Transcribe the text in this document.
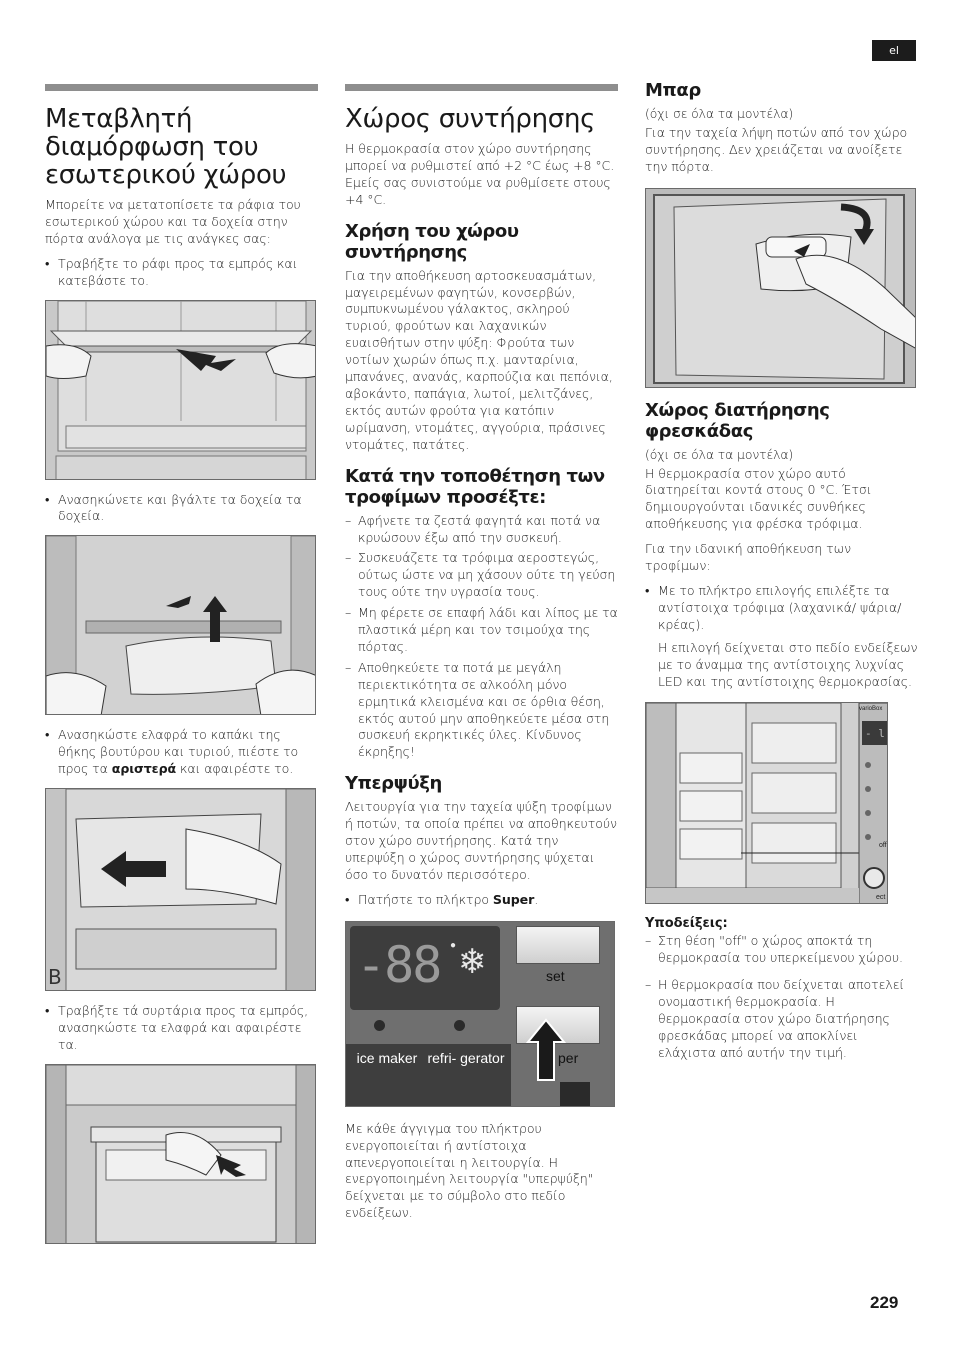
el
Μεταβλητή διαμόρφωση του εσωτερικού χώρου

Μπορείτε να μετατοπίσετε τα ράφια του εσωτερικού χώρου και τα δοχεία στην πόρτα ανάλογα με τις ανάγκες σας:

• Τραβήξτε το ράφι προς τα εμπρός και κατεβάστε το.
• Ανασηκώνετε και βγάλτε τα δοχεία τα δοχεία.
• Ανασηκώστε ελαφρά το καπάκι της θήκης βουτύρου και τυριού, πιέστε το προς τα αριστερά και αφαιρέστε το.
B
• Τραβήξτε τά συρτάρια προς τα εμπρός, ανασηκώστε τα ελαφρά και αφαιρέστε τα.
Χώρος συντήρησης

Η θερμοκρασία στον χώρο συντήρησης μπορεί να ρυθμιστεί από +2 °C έως +8 °C. Εμείς σας συνιστούμε να ρυθμίσετε στους +4 °C.

Χρήση του χώρου συντήρησης

Για την αποθήκευση αρτοσκευασμάτων, μαγειρεμένων φαγητών, κονσερβών, συμπυκνωμένου γάλακτος, σκληρού τυριού, φρούτων και λαχανικών ευαισθήτων στην ψύξη: Φρούτα των νοτίων χωρών όπως π.χ. μανταρίνια, μπανάνες, ανανάς, καρπούζια και πεπόνια, αβοκάντο, παπάγια, λωτοί, μελιτζάνες, εκτός αυτών φρούτα για κατόπιν ωρίμανση, ντομάτες, αγγούρια, πράσινες ντομάτες, πατάτες.

Κατά την τοποθέτηση των τροφίμων προσέξτε:
– Αφήνετε τα ζεστά φαγητά και ποτά να κρυώσουν έξω από την συσκευή.
– Συσκευάζετε τα τρόφιμα αεροστεγώς, ούτως ώστε να μη χάσουν ούτε τη γεύση τους ούτε την υγρασία τους.
– Μη φέρετε σε επαφή λάδι και λίπος με τα πλαστικά μέρη και τον τσιμούχα της πόρτας.
– Αποθηκεύετε τα ποτά με μεγάλη περιεκτικότητα σε αλκοόλη μόνο ερμητικά κλεισμένα και σε όρθια θέση, εκτός αυτού μην αποθηκεύετε μέσα στη συσκευή εκρηκτικές ύλες. Κίνδυνος έκρηξης!
Υπερψύξη

Λειτουργία για την ταχεία ψύξη τροφίμων ή ποτών, τα οποία πρέπει να αποθηκευτούν στον χώρο συντήρησης. Κατά την υπερψύξη ο χώρος συντήρησης ψύχεται όσο το δυνατόν περισσότερο.

• Πατήστε το πλήκτρο Super.
-88 ● ❄	set
per
ice maker refri- gerator

Με κάθε άγγιγμα του πλήκτρου ενεργοποιείται ή αντίστοιχα απενεργοποιείται η λειτουργία. Η ενεργοποιημένη λειτουργία "υπερψύξη" δείχνεται με το σύμβολο στο πεδίο ενδείξεων.

Μπαρ

(όχι σε όλα τα μοντέλα)

Για την ταχεία λήψη ποτών από τον χώρο συντήρησης. Δεν χρειάζεται να ανοίξετε την πόρτα.

Χώρος διατήρησης φρεσκάδας

(όχι σε όλα τα μοντέλα)

Η θερμοκρασία στον χώρο αυτό διατηρείται κοντά στους 0 °C. Έτσι δημιουργούνται ιδανικές συνθήκες αποθήκευσης για φρέσκα τρόφιμα.

Για την ιδανική αποθήκευση των τροφίμων:

• Με το πλήκτρο επιλογής επιλέξτε τα αντίστοιχα τρόφιμα (λαχανικά/ ψάρια/κρέας).

Η επιλογή δείχνεται στο πεδίο ενδείξεων με το άναμμα της αντίστοιχης λυχνίας LED και της αντίστοιχης θερμοκρασίας.

- l
varioBox
off
ect
Υποδείξεις:
– Στη θέση "off" ο χώρος αποκτά τη θερμοκρασία του υπερκείμενου χώρου.
– Η θερμοκρασία που δείχνεται αποτελεί ονομαστική θερμοκρασία. Η θερμοκρασία στον χώρο διατήρησης φρεσκάδας μπορεί να αποκλίνει ελάχιστα από αυτήν την τιμή.
229
